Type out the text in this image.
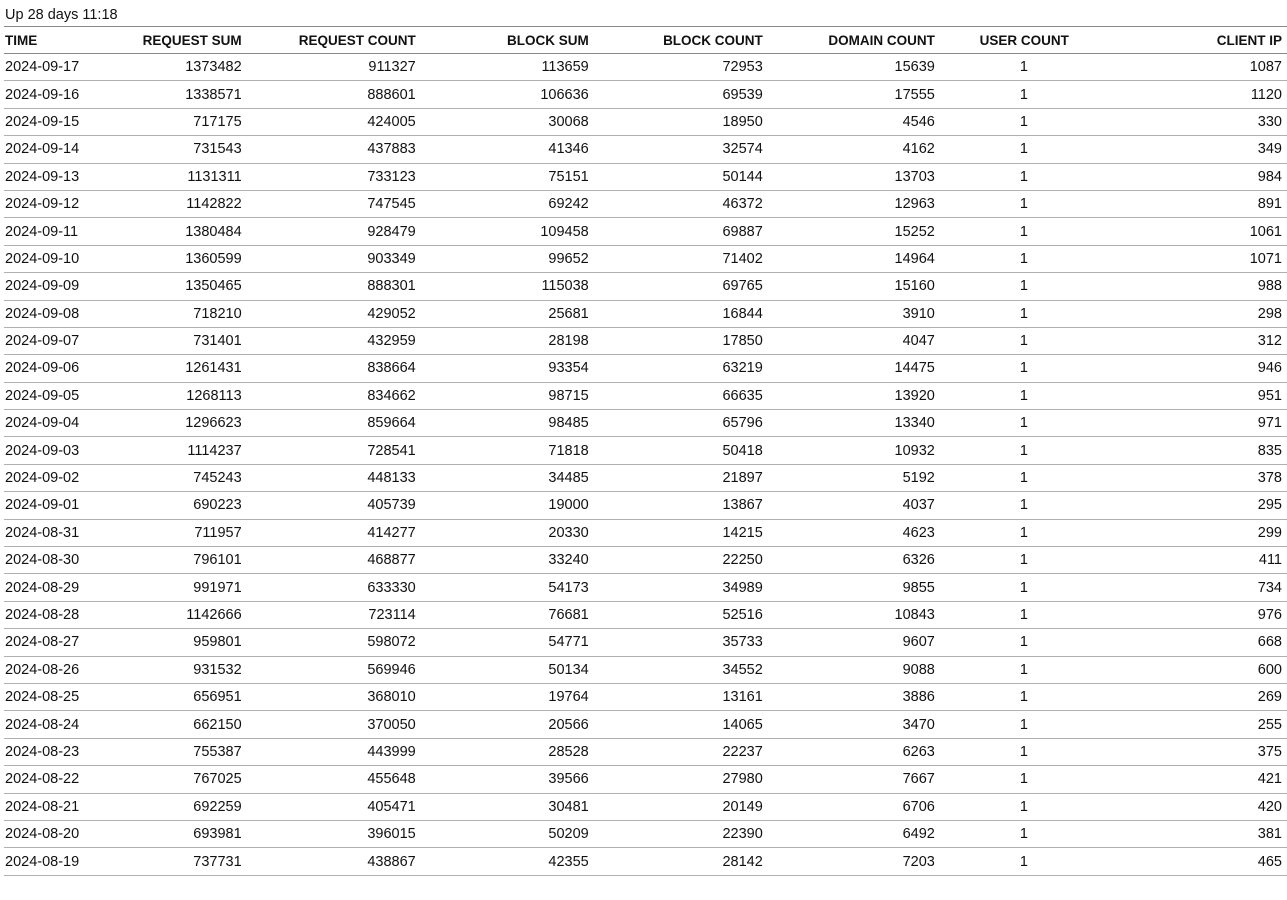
Up 28 days 11:18
TIME	REQUEST SUM	REQUEST COUNT	BLOCK SUM	BLOCK COUNT	DOMAIN COUNT	USER COUNT	CLIENT IP
2024-09-17	1373482	911327	113659	72953	15639	1	1087
2024-09-16	1338571	888601	106636	69539	17555	1	1120
2024-09-15	717175	424005	30068	18950	4546	1	330
2024-09-14	731543	437883	41346	32574	4162	1	349
2024-09-13	1131311	733123	75151	50144	13703	1	984
2024-09-12	1142822	747545	69242	46372	12963	1	891
2024-09-11	1380484	928479	109458	69887	15252	1	1061
2024-09-10	1360599	903349	99652	71402	14964	1	1071
2024-09-09	1350465	888301	115038	69765	15160	1	988
2024-09-08	718210	429052	25681	16844	3910	1	298
2024-09-07	731401	432959	28198	17850	4047	1	312
2024-09-06	1261431	838664	93354	63219	14475	1	946
2024-09-05	1268113	834662	98715	66635	13920	1	951
2024-09-04	1296623	859664	98485	65796	13340	1	971
2024-09-03	1114237	728541	71818	50418	10932	1	835
2024-09-02	745243	448133	34485	21897	5192	1	378
2024-09-01	690223	405739	19000	13867	4037	1	295
2024-08-31	711957	414277	20330	14215	4623	1	299
2024-08-30	796101	468877	33240	22250	6326	1	411
2024-08-29	991971	633330	54173	34989	9855	1	734
2024-08-28	1142666	723114	76681	52516	10843	1	976
2024-08-27	959801	598072	54771	35733	9607	1	668
2024-08-26	931532	569946	50134	34552	9088	1	600
2024-08-25	656951	368010	19764	13161	3886	1	269
2024-08-24	662150	370050	20566	14065	3470	1	255
2024-08-23	755387	443999	28528	22237	6263	1	375
2024-08-22	767025	455648	39566	27980	7667	1	421
2024-08-21	692259	405471	30481	20149	6706	1	420
2024-08-20	693981	396015	50209	22390	6492	1	381
2024-08-19	737731	438867	42355	28142	7203	1	465
